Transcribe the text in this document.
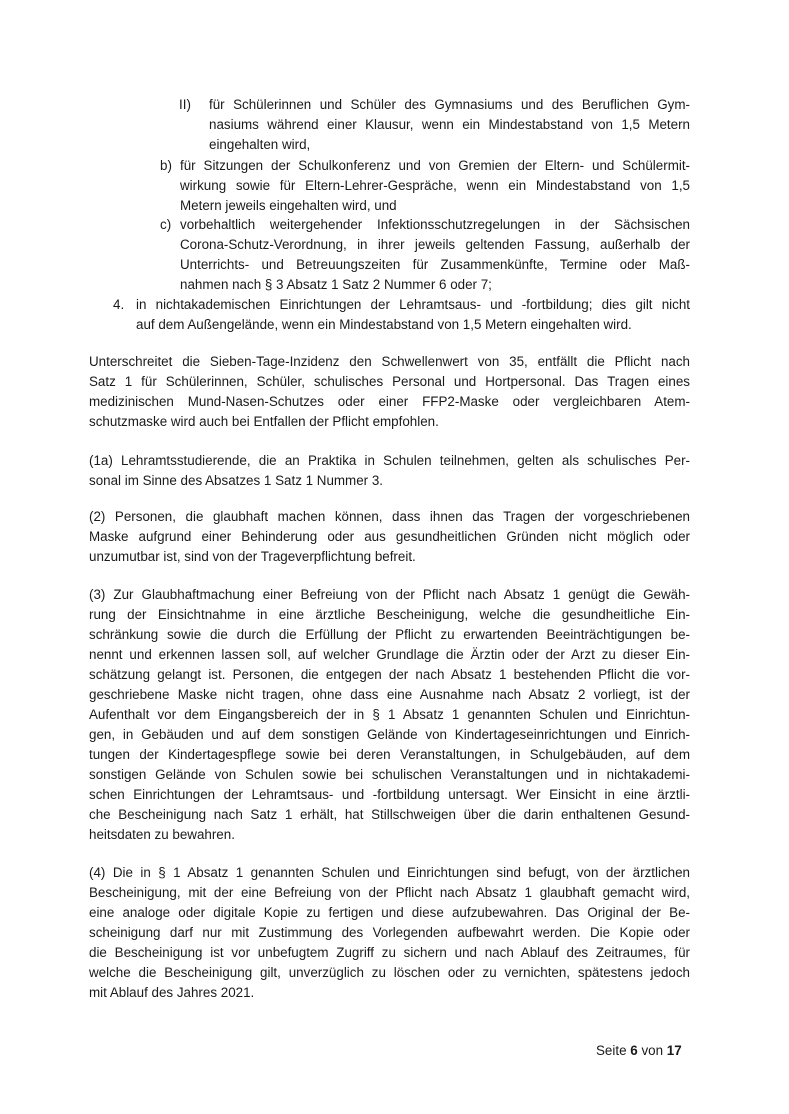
II) für Schülerinnen und Schüler des Gymnasiums und des Beruflichen Gym-
nasiums während einer Klausur, wenn ein Mindestabstand von 1,5 Metern
eingehalten wird,
b) für Sitzungen der Schulkonferenz und von Gremien der Eltern- und Schülermit-
wirkung sowie für Eltern-Lehrer-Gespräche, wenn ein Mindestabstand von 1,5
Metern jeweils eingehalten wird, und
c) vorbehaltlich weitergehender Infektionsschutzregelungen in der Sächsischen
Corona-Schutz-Verordnung, in ihrer jeweils geltenden Fassung, außerhalb der
Unterrichts- und Betreuungszeiten für Zusammenkünfte, Termine oder Maß-
nahmen nach § 3 Absatz 1 Satz 2 Nummer 6 oder 7;
4. in nichtakademischen Einrichtungen der Lehramtsaus- und -fortbildung; dies gilt nicht
auf dem Außengelände, wenn ein Mindestabstand von 1,5 Metern eingehalten wird.
Unterschreitet die Sieben-Tage-Inzidenz den Schwellenwert von 35, entfällt die Pflicht nach
Satz 1 für Schülerinnen, Schüler, schulisches Personal und Hortpersonal. Das Tragen eines
medizinischen Mund-Nasen-Schutzes oder einer FFP2-Maske oder vergleichbaren Atem-
schutzmaske wird auch bei Entfallen der Pflicht empfohlen.
(1a) Lehramtsstudierende, die an Praktika in Schulen teilnehmen, gelten als schulisches Per-
sonal im Sinne des Absatzes 1 Satz 1 Nummer 3.
(2) Personen, die glaubhaft machen können, dass ihnen das Tragen der vorgeschriebenen
Maske aufgrund einer Behinderung oder aus gesundheitlichen Gründen nicht möglich oder
unzumutbar ist, sind von der Trageverpflichtung befreit.
(3) Zur Glaubhaftmachung einer Befreiung von der Pflicht nach Absatz 1 genügt die Gewäh-
rung der Einsichtnahme in eine ärztliche Bescheinigung, welche die gesundheitliche Ein-
schränkung sowie die durch die Erfüllung der Pflicht zu erwartenden Beeinträchtigungen be-
nennt und erkennen lassen soll, auf welcher Grundlage die Ärztin oder der Arzt zu dieser Ein-
schätzung gelangt ist. Personen, die entgegen der nach Absatz 1 bestehenden Pflicht die vor-
geschriebene Maske nicht tragen, ohne dass eine Ausnahme nach Absatz 2 vorliegt, ist der
Aufenthalt vor dem Eingangsbereich der in § 1 Absatz 1 genannten Schulen und Einrichtun-
gen, in Gebäuden und auf dem sonstigen Gelände von Kindertageseinrichtungen und Einrich-
tungen der Kindertagespflege sowie bei deren Veranstaltungen, in Schulgebäuden, auf dem
sonstigen Gelände von Schulen sowie bei schulischen Veranstaltungen und in nichtakademi-
schen Einrichtungen der Lehramtsaus- und -fortbildung untersagt. Wer Einsicht in eine ärztli-
che Bescheinigung nach Satz 1 erhält, hat Stillschweigen über die darin enthaltenen Gesund-
heitsdaten zu bewahren.
(4) Die in § 1 Absatz 1 genannten Schulen und Einrichtungen sind befugt, von der ärztlichen
Bescheinigung, mit der eine Befreiung von der Pflicht nach Absatz 1 glaubhaft gemacht wird,
eine analoge oder digitale Kopie zu fertigen und diese aufzubewahren. Das Original der Be-
scheinigung darf nur mit Zustimmung des Vorlegenden aufbewahrt werden. Die Kopie oder
die Bescheinigung ist vor unbefugtem Zugriff zu sichern und nach Ablauf des Zeitraumes, für
welche die Bescheinigung gilt, unverzüglich zu löschen oder zu vernichten, spätestens jedoch
mit Ablauf des Jahres 2021.
Seite 6 von 17
